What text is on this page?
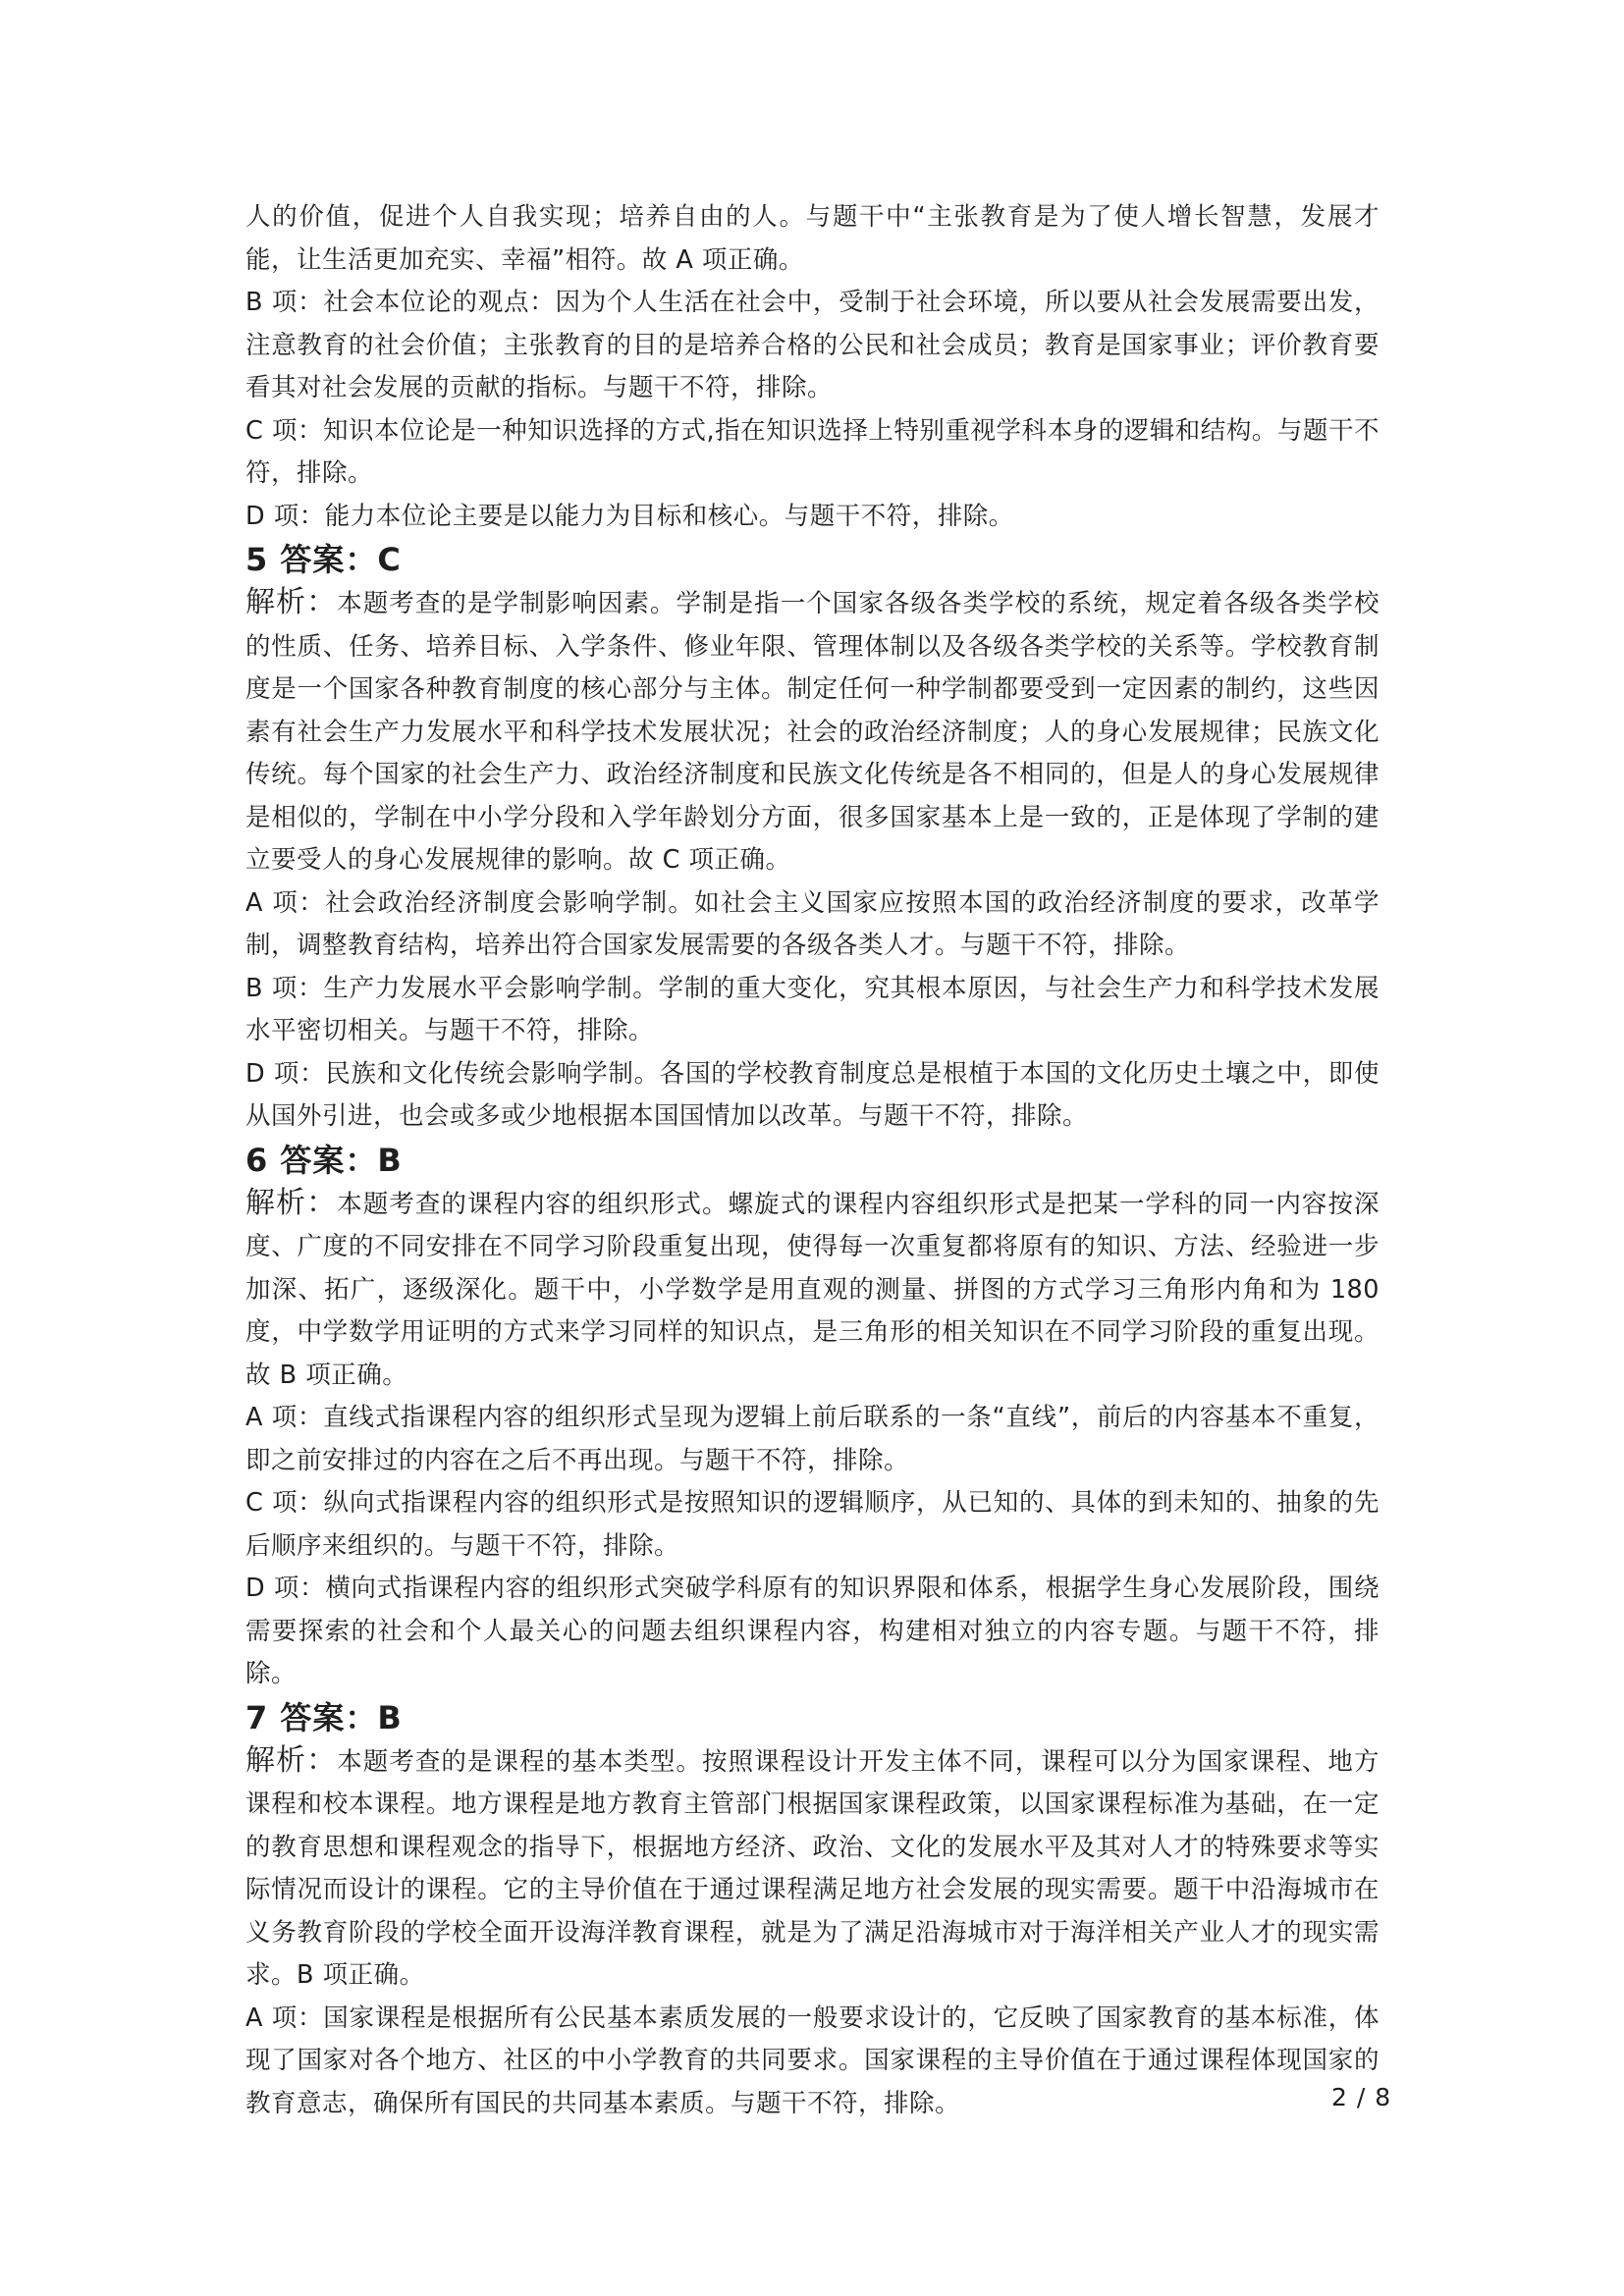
人的价值，促进个人自我实现；培养自由的人。与题干中“主张教育是为了使人增长智慧，发展才能，让生活更加充实、幸福”相符。故 A 项正确。

B 项：社会本位论的观点：因为个人生活在社会中，受制于社会环境，所以要从社会发展需要出发，注意教育的社会价值；主张教育的目的是培养合格的公民和社会成员；教育是国家事业；评价教育要看其对社会发展的贡献的指标。与题干不符，排除。

C 项：知识本位论是一种知识选择的方式,指在知识选择上特别重视学科本身的逻辑和结构。与题干不符，排除。

D 项：能力本位论主要是以能力为目标和核心。与题干不符，排除。

5 答案：C

解析：本题考查的是学制影响因素。学制是指一个国家各级各类学校的系统，规定着各级各类学校的性质、任务、培养目标、入学条件、修业年限、管理体制以及各级各类学校的关系等。学校教育制度是一个国家各种教育制度的核心部分与主体。制定任何一种学制都要受到一定因素的制约，这些因素有社会生产力发展水平和科学技术发展状况；社会的政治经济制度；人的身心发展规律；民族文化传统。每个国家的社会生产力、政治经济制度和民族文化传统是各不相同的，但是人的身心发展规律是相似的，学制在中小学分段和入学年龄划分方面，很多国家基本上是一致的，正是体现了学制的建立要受人的身心发展规律的影响。故 C 项正确。

A 项：社会政治经济制度会影响学制。如社会主义国家应按照本国的政治经济制度的要求，改革学制，调整教育结构，培养出符合国家发展需要的各级各类人才。与题干不符，排除。

B 项：生产力发展水平会影响学制。学制的重大变化，究其根本原因，与社会生产力和科学技术发展水平密切相关。与题干不符，排除。

D 项：民族和文化传统会影响学制。各国的学校教育制度总是根植于本国的文化历史土壤之中，即使从国外引进，也会或多或少地根据本国国情加以改革。与题干不符，排除。

6 答案：B

解析：本题考查的课程内容的组织形式。螺旋式的课程内容组织形式是把某一学科的同一内容按深度、广度的不同安排在不同学习阶段重复出现，使得每一次重复都将原有的知识、方法、经验进一步加深、拓广，逐级深化。题干中，小学数学是用直观的测量、拼图的方式学习三角形内角和为 180 度，中学数学用证明的方式来学习同样的知识点，是三角形的相关知识在不同学习阶段的重复出现。故 B 项正确。

A 项：直线式指课程内容的组织形式呈现为逻辑上前后联系的一条“直线”，前后的内容基本不重复，即之前安排过的内容在之后不再出现。与题干不符，排除。

C 项：纵向式指课程内容的组织形式是按照知识的逻辑顺序，从已知的、具体的到未知的、抽象的先后顺序来组织的。与题干不符，排除。

D 项：横向式指课程内容的组织形式突破学科原有的知识界限和体系，根据学生身心发展阶段，围绕需要探索的社会和个人最关心的问题去组织课程内容，构建相对独立的内容专题。与题干不符，排除。

7 答案：B

解析：本题考查的是课程的基本类型。按照课程设计开发主体不同，课程可以分为国家课程、地方课程和校本课程。地方课程是地方教育主管部门根据国家课程政策，以国家课程标准为基础，在一定的教育思想和课程观念的指导下，根据地方经济、政治、文化的发展水平及其对人才的特殊要求等实际情况而设计的课程。它的主导价值在于通过课程满足地方社会发展的现实需要。题干中沿海城市在义务教育阶段的学校全面开设海洋教育课程，就是为了满足沿海城市对于海洋相关产业人才的现实需求。B 项正确。

A 项：国家课程是根据所有公民基本素质发展的一般要求设计的，它反映了国家教育的基本标准，体现了国家对各个地方、社区的中小学教育的共同要求。国家课程的主导价值在于通过课程体现国家的教育意志，确保所有国民的共同基本素质。与题干不符，排除。	2 / 8
